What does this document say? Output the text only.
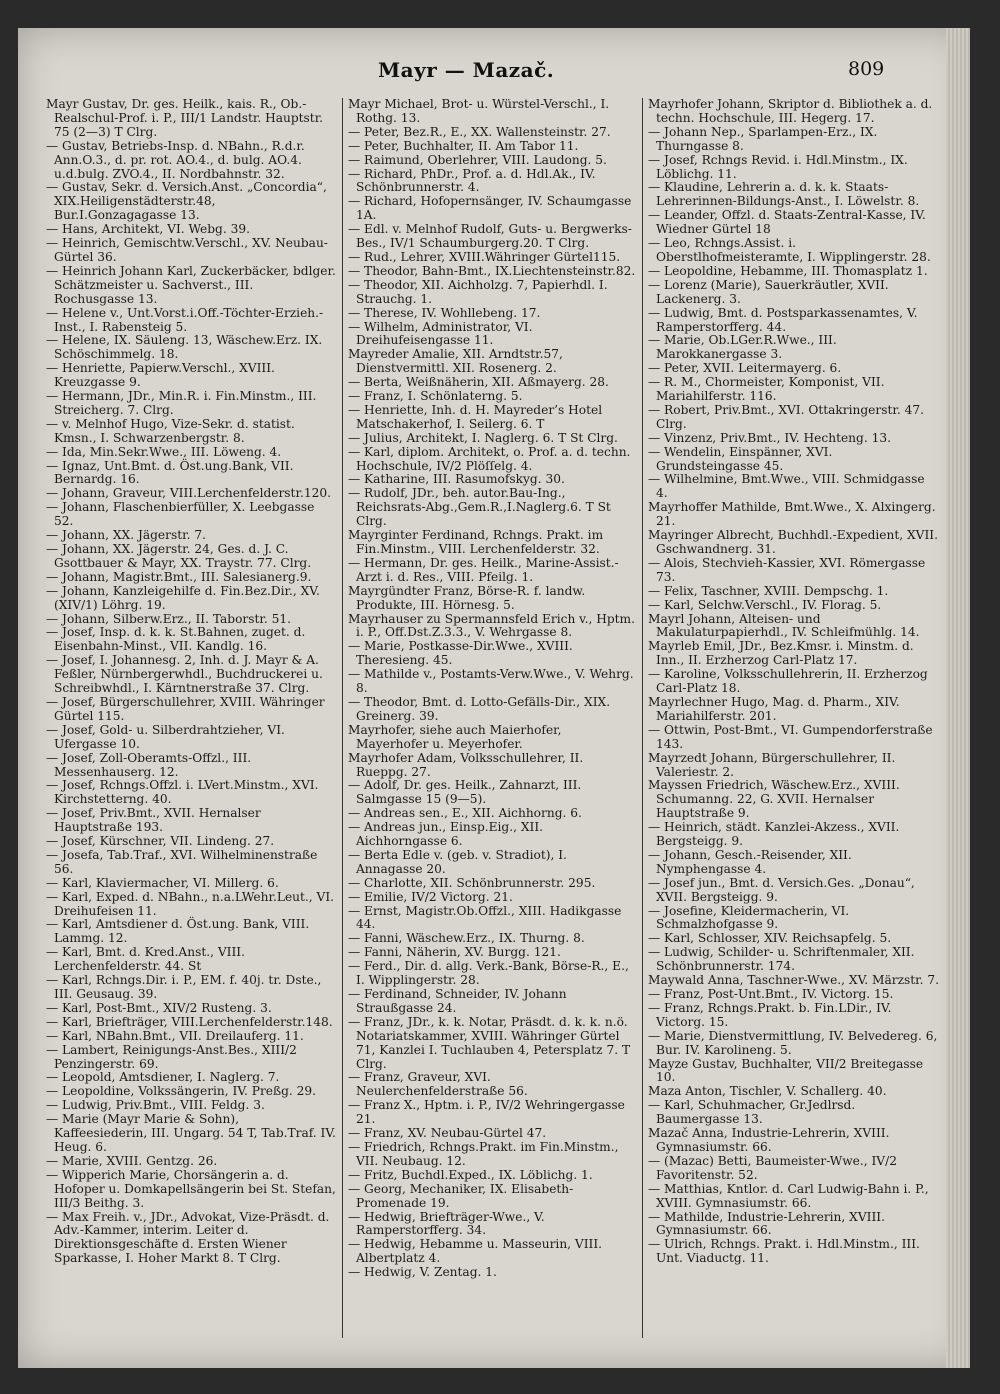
Mayr — Mazač.	809

Mayr Gustav, Dr. ges. Heilk., kais. R., Ob.-Realschul-Prof. i. P., III/1 Landstr. Hauptstr. 75 (2—3) T Clrg.

— Gustav, Betriebs-Insp. d. NBahn., R.d.r. Ann.O.3., d. pr. rot. AO.4., d. bulg. AO.4. u.d.bulg. ZVO.4., II. Nordbahnstr. 32.

— Gustav, Sekr. d. Versich.Anst. „Concordia“, XIX.Heiligenstädterstr.48, Bur.I.Gonzagagasse 13.

— Hans, Architekt, VI. Webg. 39.

— Heinrich, Gemischtw.Verschl., XV. Neubau-Gürtel 36.

— Heinrich Johann Karl, Zuckerbäcker, bdlger. Schätzmeister u. Sachverst., III. Rochusgasse 13.

— Helene v., Unt.Vorst.i.Off.-Töchter-Erzieh.-Inst., I. Rabensteig 5.

— Helene, IX. Säuleng. 13, Wäschew.Erz. IX. Schöschimmelg. 18.

— Henriette, Papierw.Verschl., XVIII. Kreuzgasse 9.

— Hermann, JDr., Min.R. i. Fin.Minstm., III. Streicherg. 7. Clrg.

— v. Melnhof Hugo, Vize-Sekr. d. statist. Kmsn., I. Schwarzenbergstr. 8.

— Ida, Min.Sekr.Wwe., III. Löweng. 4.

— Ignaz, Unt.Bmt. d. Öst.ung.Bank, VII. Bernardg. 16.

— Johann, Graveur, VIII.Lerchenfelderstr.120.

— Johann, Flaschenbierfüller, X. Leebgasse 52.

— Johann, XX. Jägerstr. 7.

— Johann, XX. Jägerstr. 24, Ges. d. J. C. Gsottbauer & Mayr, XX. Traystr. 77. Clrg.

— Johann, Magistr.Bmt., III. Salesianerg.9.

— Johann, Kanzleigehilfe d. Fin.Bez.Dir., XV. (XIV/1) Löhrg. 19.

— Johann, Silberw.Erz., II. Taborstr. 51.

— Josef, Insp. d. k. k. St.Bahnen, zuget. d. Eisenbahn-Minst., VII. Kandlg. 16.

— Josef, I. Johannesg. 2, Inh. d. J. Mayr & A. Feßler, Nürnbergerwhdl., Buchdruckerei u. Schreibwhdl., I. Kärntnerstraße 37. Clrg.

— Josef, Bürgerschullehrer, XVIII. Währinger Gürtel 115.

— Josef, Gold- u. Silberdrahtzieher, VI. Ufergasse 10.

— Josef, Zoll-Oberamts-Offzl., III. Messenhauserg. 12.

— Josef, Rchngs.Offzl. i. LVert.Minstm., XVI. Kirchstetterng. 40.

— Josef, Priv.Bmt., XVII. Hernalser Hauptstraße 193.

— Josef, Kürschner, VII. Lindeng. 27.

— Josefa, Tab.Traf., XVI. Wilhelminenstraße 56.

— Karl, Klaviermacher, VI. Millerg. 6.

— Karl, Exped. d. NBahn., n.a.LWehr.Leut., VI. Dreihufeisen 11.

— Karl, Amtsdiener d. Öst.ung. Bank, VIII. Lammg. 12.

— Karl, Bmt. d. Kred.Anst., VIII. Lerchenfelderstr. 44. St

— Karl, Rchngs.Dir. i. P., EM. f. 40j. tr. Dste., III. Geusaug. 39.

— Karl, Post-Bmt., XIV/2 Rusteng. 3.

— Karl, Briefträger, VIII.Lerchenfelderstr.148.

— Karl, NBahn.Bmt., VII. Dreilauferg. 11.

— Lambert, Reinigungs-Anst.Bes., XIII/2 Penzingerstr. 69.

— Leopold, Amtsdiener, I. Naglerg. 7.

— Leopoldine, Volkssängerin, IV. Preßg. 29.

— Ludwig, Priv.Bmt., VIII. Feldg. 3.

— Marie (Mayr Marie & Sohn), Kaffeesiederin, III. Ungarg. 54 T, Tab.Traf. IV. Heug. 6.

— Marie, XVIII. Gentzg. 26.

— Wipperich Marie, Chorsängerin a. d. Hofoper u. Domkapellsängerin bei St. Stefan, III/3 Beithg. 3.

— Max Freih. v., JDr., Advokat, Vize-Präsdt. d. Adv.-Kammer, interim. Leiter d. Direktionsgeschäfte d. Ersten Wiener Sparkasse, I. Hoher Markt 8. T Clrg.

Mayr Michael, Brot- u. Würstel-Verschl., I. Rothg. 13.

— Peter, Bez.R., E., XX. Wallensteinstr. 27.

— Peter, Buchhalter, II. Am Tabor 11.

— Raimund, Oberlehrer, VIII. Laudong. 5.

— Richard, PhDr., Prof. a. d. Hdl.Ak., IV. Schönbrunnerstr. 4.

— Richard, Hofopernsänger, IV. Schaumgasse 1A.

— Edl. v. Melnhof Rudolf, Guts- u. Bergwerks-Bes., IV/1 Schaumburgerg.20. T Clrg.

— Rud., Lehrer, XVIII.Währinger Gürtel115.

— Theodor, Bahn-Bmt., IX.Liechtensteinstr.82.

— Theodor, XII. Aichholzg. 7, Papierhdl. I. Strauchg. 1.

— Therese, IV. Wohllebeng. 17.

— Wilhelm, Administrator, VI. Dreihufeisengasse 11.

Mayreder Amalie, XII. Arndtstr.57, Dienstvermittl. XII. Rosenerg. 2.

— Berta, Weißnäherin, XII. Aßmayerg. 28.

— Franz, I. Schönlaterng. 5.

— Henriette, Inh. d. H. Mayreder’s Hotel Matschakerhof, I. Seilerg. 6. T

— Julius, Architekt, I. Naglerg. 6. T St Clrg.

— Karl, diplom. Architekt, o. Prof. a. d. techn. Hochschule, IV/2 Plöſſelg. 4.

— Katharine, III. Rasumofskyg. 30.

— Rudolf, JDr., beh. autor.Bau-Ing., Reichsrats-Abg.,Gem.R.,I.Naglerg.6. T St Clrg.

Mayrginter Ferdinand, Rchngs. Prakt. im Fin.Minstm., VIII. Lerchenfelderstr. 32.

— Hermann, Dr. ges. Heilk., Marine-Assist.-Arzt i. d. Res., VIII. Pfeilg. 1.

Mayrgündter Franz, Börse-R. f. landw. Produkte, III. Hörnesg. 5.

Mayrhauser zu Spermannsfeld Erich v., Hptm. i. P., Off.Dst.Z.3.3., V. Wehrgasse 8.

— Marie, Postkasse-Dir.Wwe., XVIII. Theresieng. 45.

— Mathilde v., Postamts-Verw.Wwe., V. Wehrg. 8.

— Theodor, Bmt. d. Lotto-Gefälls-Dir., XIX. Greinerg. 39.

Mayrhofer, siehe auch Maierhofer, Mayerhofer u. Meyerhofer.

Mayrhofer Adam, Volksschullehrer, II. Rueppg. 27.

— Adolf, Dr. ges. Heilk., Zahnarzt, III. Salmgasse 15 (9—5).

— Andreas sen., E., XII. Aichhorng. 6.

— Andreas jun., Einsp.Eig., XII. Aichhorngasse 6.

— Berta Edle v. (geb. v. Stradiot), I. Annagasse 20.

— Charlotte, XII. Schönbrunnerstr. 295.

— Emilie, IV/2 Victorg. 21.

— Ernst, Magistr.Ob.Offzl., XIII. Hadikgasse 44.

— Fanni, Wäschew.Erz., IX. Thurng. 8.

— Fanni, Näherin, XV. Burgg. 121.

— Ferd., Dir. d. allg. Verk.-Bank, Börse-R., E., I. Wipplingerstr. 28.

— Ferdinand, Schneider, IV. Johann Straußgasse 24.

— Franz, JDr., k. k. Notar, Präsdt. d. k. k. n.ö. Notariatskammer, XVIII. Währinger Gürtel 71, Kanzlei I. Tuchlauben 4, Petersplatz 7. T Clrg.

— Franz, Graveur, XVI. Neulerchenfelderstraße 56.

— Franz X., Hptm. i. P., IV/2 Wehringergasse 21.

— Franz, XV. Neubau-Gürtel 47.

— Friedrich, Rchngs.Prakt. im Fin.Minstm., VII. Neubaug. 12.

— Fritz, Buchdl.Exped., IX. Löblichg. 1.

— Georg, Mechaniker, IX. Elisabeth-Promenade 19.

— Hedwig, Briefträger-Wwe., V. Ramperstorfferg. 34.

— Hedwig, Hebamme u. Masseurin, VIII. Albertplatz 4.

— Hedwig, V. Zentag. 1.

Mayrhofer Johann, Skriptor d. Bibliothek a. d. techn. Hochschule, III. Hegerg. 17.

— Johann Nep., Sparlampen-Erz., IX. Thurngasse 8.

— Josef, Rchngs Revid. i. Hdl.Minstm., IX. Löblichg. 11.

— Klaudine, Lehrerin a. d. k. k. Staats-Lehrerinnen-Bildungs-Anst., I. Löwelstr. 8.

— Leander, Offzl. d. Staats-Zentral-Kasse, IV. Wiedner Gürtel 18

— Leo, Rchngs.Assist. i. Oberstlhofmeisteramte, I. Wipplingerstr. 28.

— Leopoldine, Hebamme, III. Thomasplatz 1.

— Lorenz (Marie), Sauerkräutler, XVII. Lackenerg. 3.

— Ludwig, Bmt. d. Postsparkassenamtes, V. Ramperstorfferg. 44.

— Marie, Ob.LGer.R.Wwe., III. Marokkanergasse 3.

— Peter, XVII. Leitermayerg. 6.

— R. M., Chormeister, Komponist, VII. Mariahilferstr. 116.

— Robert, Priv.Bmt., XVI. Ottakringerstr. 47. Clrg.

— Vinzenz, Priv.Bmt., IV. Hechteng. 13.

— Wendelin, Einspänner, XVI. Grundsteingasse 45.

— Wilhelmine, Bmt.Wwe., VIII. Schmidgasse 4.

Mayrhoffer Mathilde, Bmt.Wwe., X. Alxingerg. 21.

Mayringer Albrecht, Buchhdl.-Expedient, XVII. Gschwandnerg. 31.

— Alois, Stechvieh-Kassier, XVI. Römergasse 73.

— Felix, Taschner, XVIII. Dempschg. 1.

— Karl, Selchw.Verschl., IV. Florag. 5.

Mayrl Johann, Alteisen- und Makulaturpapierhdl., IV. Schleifmühlg. 14.

Mayrleb Emil, JDr., Bez.Kmsr. i. Minstm. d. Inn., II. Erzherzog Carl-Platz 17.

— Karoline, Volksschullehrerin, II. Erzherzog Carl-Platz 18.

Mayrlechner Hugo, Mag. d. Pharm., XIV. Mariahilferstr. 201.

— Ottwin, Post-Bmt., VI. Gumpendorferstraße 143.

Mayrzedt Johann, Bürgerschullehrer, II. Valeriestr. 2.

Mayssen Friedrich, Wäschew.Erz., XVIII. Schumanng. 22, G. XVII. Hernalser Hauptstraße 9.

— Heinrich, städt. Kanzlei-Akzess., XVII. Bergsteigg. 9.

— Johann, Gesch.-Reisender, XII. Nymphengasse 4.

— Josef jun., Bmt. d. Versich.Ges. „Donau“, XVII. Bergsteigg. 9.

— Josefine, Kleidermacherin, VI. Schmalzhofgasse 9.

— Karl, Schlosser, XIV. Reichsapfelg. 5.

— Ludwig, Schilder- u. Schriftenmaler, XII. Schönbrunnerstr. 174.

Maywald Anna, Taschner-Wwe., XV. Märzstr. 7.

— Franz, Post-Unt.Bmt., IV. Victorg. 15.

— Franz, Rchngs.Prakt. b. Fin.LDir., IV. Victorg. 15.

— Marie, Dienstvermittlung, IV. Belvedereg. 6, Bur. IV. Karolineng. 5.

Mayze Gustav, Buchhalter, VII/2 Breitegasse 10.

Maza Anton, Tischler, V. Schallerg. 40.

— Karl, Schuhmacher, Gr.Jedlrsd. Baumergasse 13.

Mazač Anna, Industrie-Lehrerin, XVIII. Gymnasiumstr. 66.

— (Mazac) Betti, Baumeister-Wwe., IV/2 Favoritenstr. 52.

— Matthias, Kntlor. d. Carl Ludwig-Bahn i. P., XVIII. Gymnasiumstr. 66.

— Mathilde, Industrie-Lehrerin, XVIII. Gymnasiumstr. 66.

— Ulrich, Rchngs. Prakt. i. Hdl.Minstm., III. Unt. Viaductg. 11.
